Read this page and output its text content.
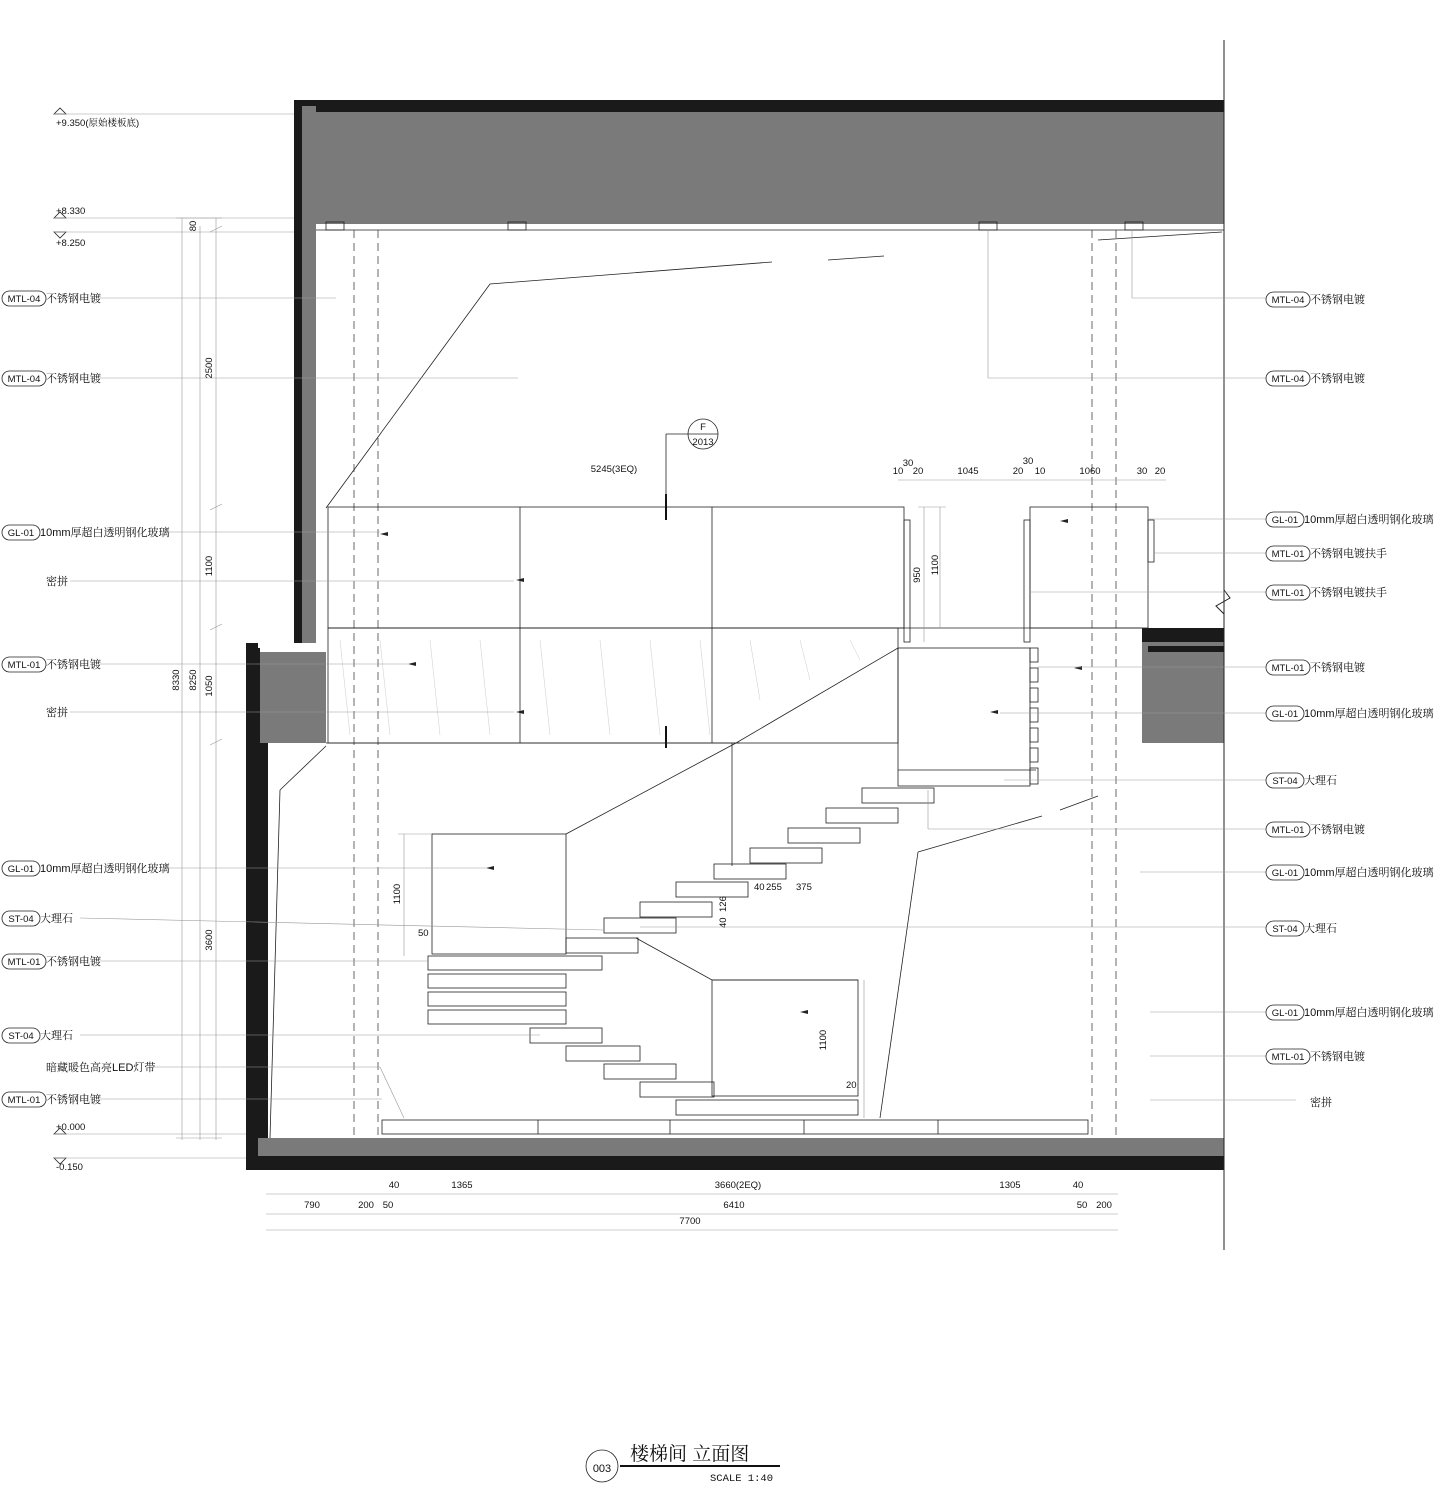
F
2013
+9.350(原始楼板底)
+8.330
+8.250
+0.000
-0.150
8330 8250
80
2500
1100
1050
3600
950 1100
1100
50
1100
20
5245(3EQ)	10
30
20	1045	20
30
10	1060	30 20
40 255 375
40
126
40	1365	3660(2EQ)	1305	40
790	200 50	6410	50 200
7700
MTL-04 不锈钢电镀
MTL-04 不锈钢电镀
GL-01 10mm厚超白透明钢化玻璃
密拼
MTL-01 不锈钢电镀
密拼
GL-01 10mm厚超白透明钢化玻璃
ST-04 大理石
MTL-01 不锈钢电镀
ST-04 大理石
暗藏暖色高亮LED灯带
MTL-01 不锈钢电镀
MTL-04 不锈钢电镀
MTL-04 不锈钢电镀
GL-01 10mm厚超白透明钢化玻璃
MTL-01 不锈钢电镀扶手
MTL-01 不锈钢电镀扶手
MTL-01 不锈钢电镀
GL-01 10mm厚超白透明钢化玻璃
ST-04 大理石
MTL-01 不锈钢电镀
GL-01 10mm厚超白透明钢化玻璃
ST-04 大理石
GL-01 10mm厚超白透明钢化玻璃
MTL-01 不锈钢电镀
密拼
003
楼梯间 立面图
SCALE 1:40
